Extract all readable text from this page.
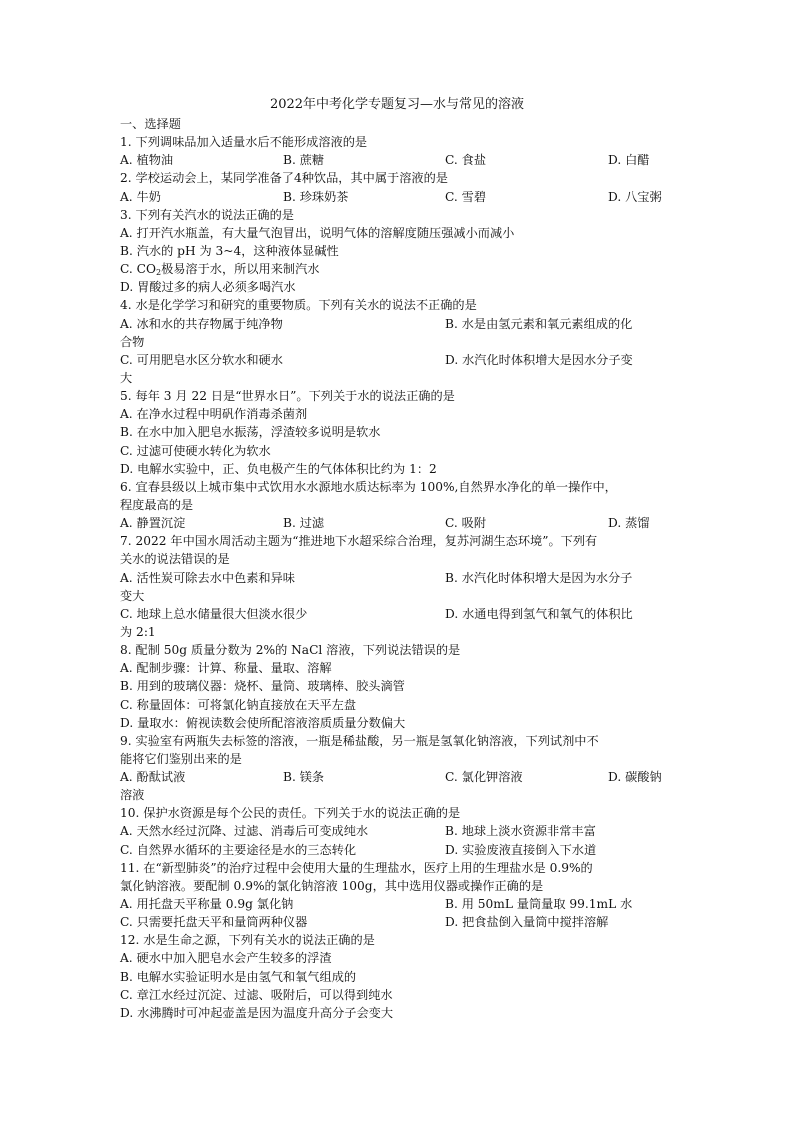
2022年中考化学专题复习—水与常见的溶液
一、选择题
1. 下列调味品加入适量水后不能形成溶液的是
A. 植物油	B. 蔗糖	C. 食盐	D. 白醋
2. 学校运动会上，某同学准备了4种饮品，其中属于溶液的是
A. 牛奶	B. 珍珠奶茶	C. 雪碧	D. 八宝粥
3. 下列有关汽水的说法正确的是
A. 打开汽水瓶盖，有大量气泡冒出，说明气体的溶解度随压强减小而减小
B. 汽水的 pH 为 3~4，这种液体显碱性
C. $CO_2$极易溶于水，所以用来制汽水
D. 胃酸过多的病人必须多喝汽水
4. 水是化学学习和研究的重要物质。下列有关水的说法不正确的是
A. 冰和水的共存物属于纯净物	B. 水是由氢元素和氧元素组成的化
合物
C. 可用肥皂水区分软水和硬水	D. 水汽化时体积增大是因水分子变
大
5. 每年 3 月 22 日是“世界水日”。下列关于水的说法正确的是
A. 在净水过程中明矾作消毒杀菌剂
B. 在水中加入肥皂水振荡，浮渣较多说明是软水
C. 过滤可使硬水转化为软水
D. 电解水实验中，正、负电极产生的气体体积比约为 1：2
6. 宜春县级以上城市集中式饮用水水源地水质达标率为 100%,自然界水净化的单一操作中，
程度最高的是
A. 静置沉淀	B. 过滤	C. 吸附	D. 蒸馏
7. 2022 年中国水周活动主题为“推进地下水超采综合治理，复苏河湖生态环境”。下列有
关水的说法错误的是
A. 活性炭可除去水中色素和异味	B. 水汽化时体积增大是因为水分子
变大
C. 地球上总水储量很大但淡水很少	D. 水通电得到氢气和氧气的体积比
为 2:1
8. 配制 50g 质量分数为 2%的 NaCl 溶液，下列说法错误的是
A. 配制步骤：计算、称量、量取、溶解
B. 用到的玻璃仪器：烧杯、量筒、玻璃棒、胶头滴管
C. 称量固体：可将氯化钠直接放在天平左盘
D. 量取水：俯视读数会使所配溶液溶质质量分数偏大
9. 实验室有两瓶失去标签的溶液，一瓶是稀盐酸，另一瓶是氢氧化钠溶液，下列试剂中不
能将它们鉴别出来的是
A. 酚酞试液	B. 镁条	C. 氯化钾溶液	D. 碳酸钠
溶液
10. 保护水资源是每个公民的责任。下列关于水的说法正确的是
A. 天然水经过沉降、过滤、消毒后可变成纯水	B. 地球上淡水资源非常丰富
C. 自然界水循环的主要途径是水的三态转化	D. 实验废液直接倒入下水道
11. 在“新型肺炎”的治疗过程中会使用大量的生理盐水，医疗上用的生理盐水是 0.9%的
氯化钠溶液。要配制 0.9%的氯化钠溶液 100g，其中选用仪器或操作正确的是
A. 用托盘天平称量 0.9g 氯化钠	B. 用 50mL 量筒量取 99.1mL 水
C. 只需要托盘天平和量筒两种仪器	D. 把食盐倒入量筒中搅拌溶解
12. 水是生命之源，下列有关水的说法正确的是
A. 硬水中加入肥皂水会产生较多的浮渣
B. 电解水实验证明水是由氢气和氧气组成的
C. 章江水经过沉淀、过滤、吸附后，可以得到纯水
D. 水沸腾时可冲起壶盖是因为温度升高分子会变大
